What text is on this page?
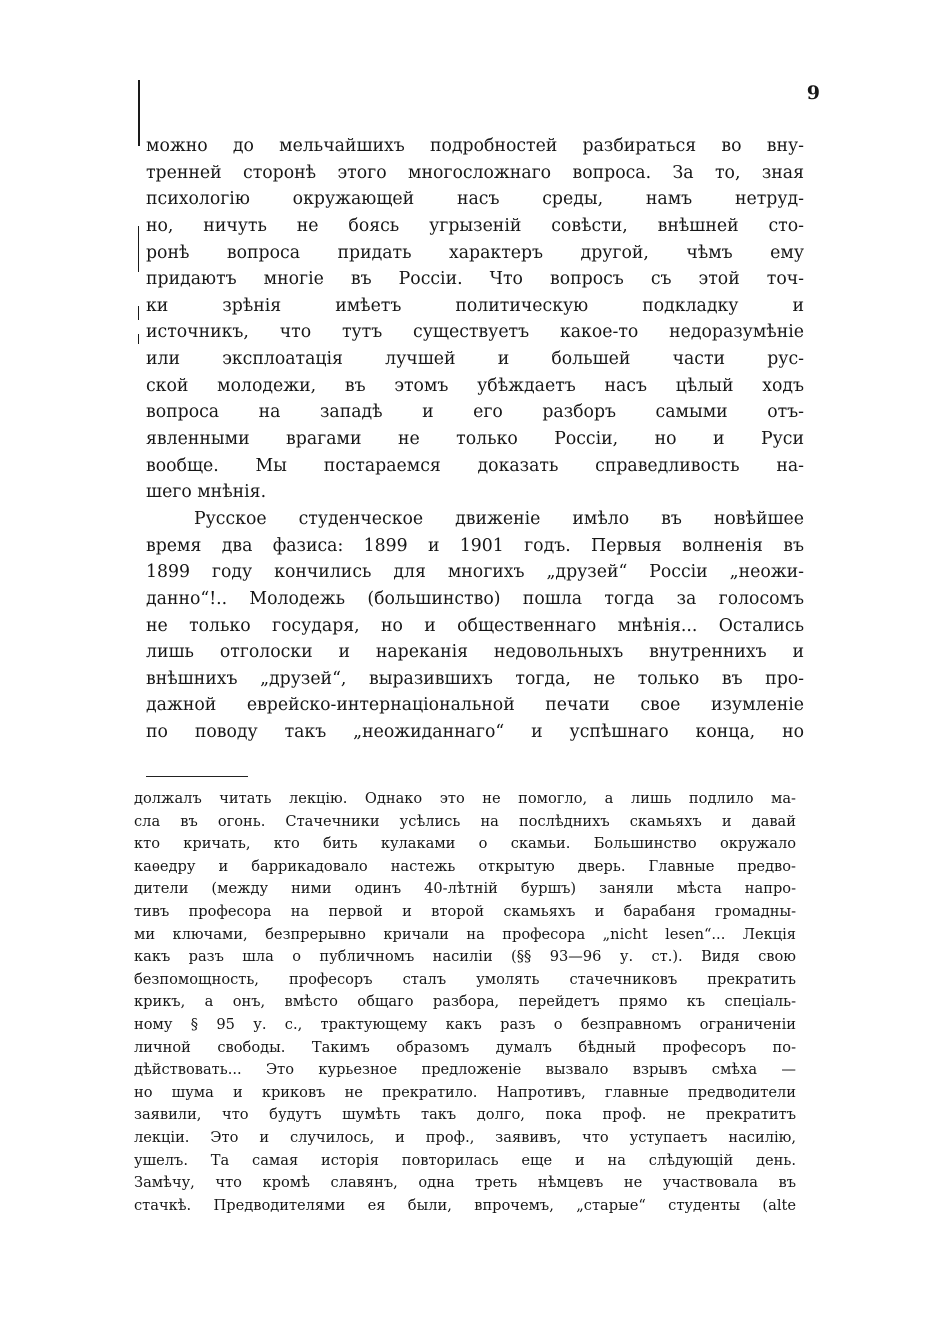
9
можно до мельчайшихъ подробностей разбираться во вну-
тренней сторонѣ этого многосложнаго вопроса. За то, зная
психологію окружающей насъ среды, намъ нетруд-
но, ничуть не боясь угрызеній совѣсти, внѣшней сто-
ронѣ вопроса придать характеръ другой, чѣмъ ему
придаютъ многіе въ Россіи. Что вопросъ съ этой точ-
ки зрѣнія имѣетъ политическую подкладку и
источникъ, что тутъ существуетъ какое-то недоразумѣніе
или эксплоатація лучшей и большей части рус-
ской молодежи, въ этомъ убѣждаетъ насъ цѣлый ходъ
вопроса на западѣ и его разборъ самыми отъ-
явленными врагами не только Россіи, но и Руси
вообще. Мы постараемся доказать справедливость на-
шего мнѣнія.
Русское студенческое движеніе имѣло въ новѣйшее
время два фазиса: 1899 и 1901 годъ. Первыя волненія въ
1899 году кончились для многихъ „друзей“ Россіи „неожи-
данно“!.. Молодежь (большинство) пошла тогда за голосомъ
не только государя, но и общественнаго мнѣнія... Остались
лишь отголоски и нареканія недовольныхъ внутреннихъ и
внѣшнихъ „друзей“, выразившихъ тогда, не только въ про-
дажной еврейско-интернаціональной печати свое изумленіе
по поводу такъ „неожиданнаго“ и успѣшнаго конца, но
должалъ читать лекцію. Однако это не помогло, а лишь подлило ма-
сла въ огонь. Стачечники усѣлись на послѣднихъ скамьяхъ и давай
кто кричать, кто бить кулаками о скамьи. Большинство окружало
каѳедру и баррикадовало настежь открытую дверь. Главные предво-
дители (между ними одинъ 40-лѣтній буршъ) заняли мѣста напро-
тивъ професора на первой и второй скамьяхъ и барабаня громадны-
ми ключами, безпрерывно кричали на професора „nicht lesen“... Лекція
какъ разъ шла о публичномъ насиліи (§§ 93—96 у. ст.). Видя свою
безпомощность, професоръ сталъ умолять стачечниковъ прекратить
крикъ, а онъ, вмѣсто общаго разбора, перейдетъ прямо къ спеціаль-
ному § 95 у. с., трактующему какъ разъ о безправномъ ограниченіи
личной свободы. Такимъ образомъ думалъ бѣдный професоръ по-
дѣйствовать... Это курьезное предложеніе вызвало взрывъ смѣха —
но шума и криковъ не прекратило. Напротивъ, главные предводители
заявили, что будутъ шумѣть такъ долго, пока проф. не прекратитъ
лекціи. Это и случилось, и проф., заявивъ, что уступаетъ насилію,
ушелъ. Та самая исторія повторилась еще и на слѣдующій день.
Замѣчу, что кромѣ славянъ, одна треть нѣмцевъ не участвовала въ
стачкѣ. Предводителями ея были, впрочемъ, „старые“ студенты (alte
